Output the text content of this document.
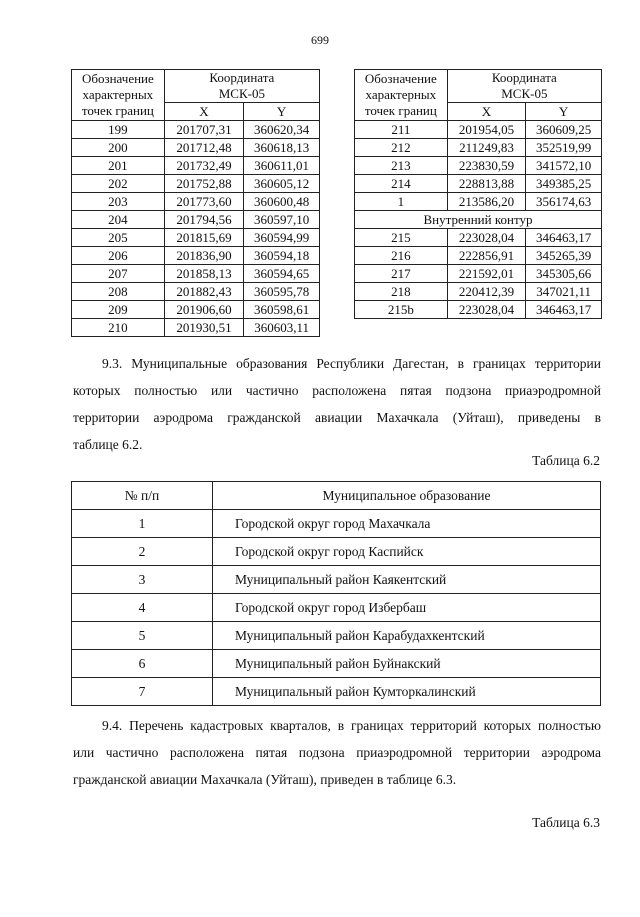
699
Обозначение
характерных
точек границ	Координата
МСК-05	
	X	Y
199	201707,31	360620,34
200	201712,48	360618,13
201	201732,49	360611,01
202	201752,88	360605,12
203	201773,60	360600,48
204	201794,56	360597,10
205	201815,69	360594,99
206	201836,90	360594,18
207	201858,13	360594,65
208	201882,43	360595,78
209	201906,60	360598,61
210	201930,51	360603,11
Обозначение
характерных
точек границ	Координата
МСК-05	
	X	Y
211	201954,05	360609,25
212	211249,83	352519,99
213	223830,59	341572,10
214	228813,88	349385,25
1	213586,20	356174,63
Внутренний контур		
215	223028,04	346463,17
216	222856,91	345265,39
217	221592,01	345305,66
218	220412,39	347021,11
215b	223028,04	346463,17
9.3. Муниципальные образования Республики Дагестан, в границах территории
которых полностью или частично расположена пятая подзона приаэродромной
территории аэродрома гражданской авиации Махачкала (Уйташ), приведены в
таблице 6.2.
Таблица 6.2
№ п/п	Муниципальное образование
1	Городской округ город Махачкала
2	Городской округ город Каспийск
3	Муниципальный район Каякентский
4	Городской округ город Избербаш
5	Муниципальный район Карабудахкентский
6	Муниципальный район Буйнакский
7	Муниципальный район Кумторкалинский
9.4. Перечень кадастровых кварталов, в границах территорий которых полностью
или частично расположена пятая подзона приаэродромной территории аэродрома
гражданской авиации Махачкала (Уйташ), приведен в таблице 6.3.
Таблица 6.3
